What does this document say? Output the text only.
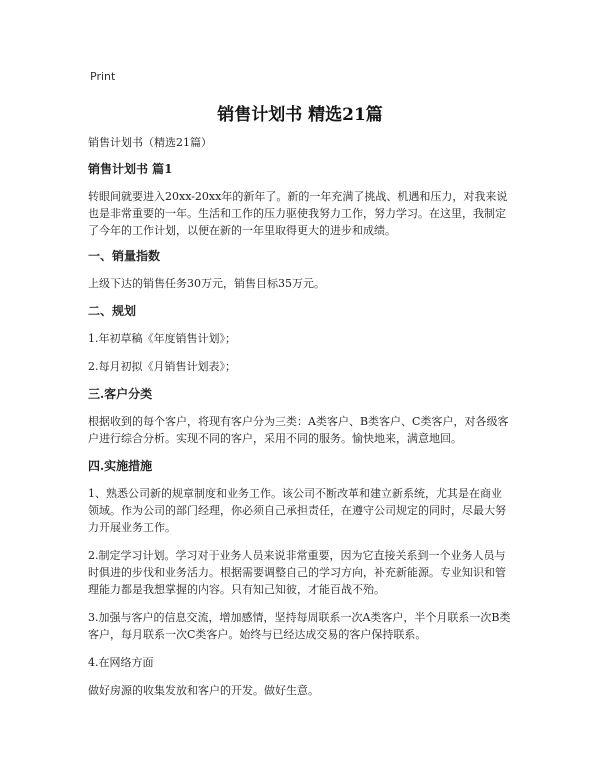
Print
销售计划书 精选21篇

销售计划书（精选21篇）

销售计划书 篇1

转眼间就要进入20xx-20xx年的新年了。新的一年充满了挑战、机遇和压力，对我来说也是非常重要的一年。生活和工作的压力驱使我努力工作，努力学习。在这里，我制定了今年的工作计划，以便在新的一年里取得更大的进步和成绩。

一、销量指数

上级下达的销售任务30万元，销售目标35万元。

二、规划

1.年初草稿《年度销售计划》；

2.每月初拟《月销售计划表》；

三.客户分类

根据收到的每个客户，将现有客户分为三类：A类客户、B类客户、C类客户，对各级客户进行综合分析。实现不同的客户，采用不同的服务。愉快地来，满意地回。

四.实施措施

1、熟悉公司新的规章制度和业务工作。该公司不断改革和建立新系统，尤其是在商业领域。作为公司的部门经理，你必须自己承担责任，在遵守公司规定的同时，尽最大努力开展业务工作。

2.制定学习计划。学习对于业务人员来说非常重要，因为它直接关系到一个业务人员与时俱进的步伐和业务活力。根据需要调整自己的学习方向，补充新能源。专业知识和管理能力都是我想掌握的内容。只有知己知彼，才能百战不殆。

3.加强与客户的信息交流，增加感情，坚持每周联系一次A类客户，半个月联系一次B类客户，每月联系一次C类客户。始终与已经达成交易的客户保持联系。

4.在网络方面

做好房源的收集发放和客户的开发。做好生意。
